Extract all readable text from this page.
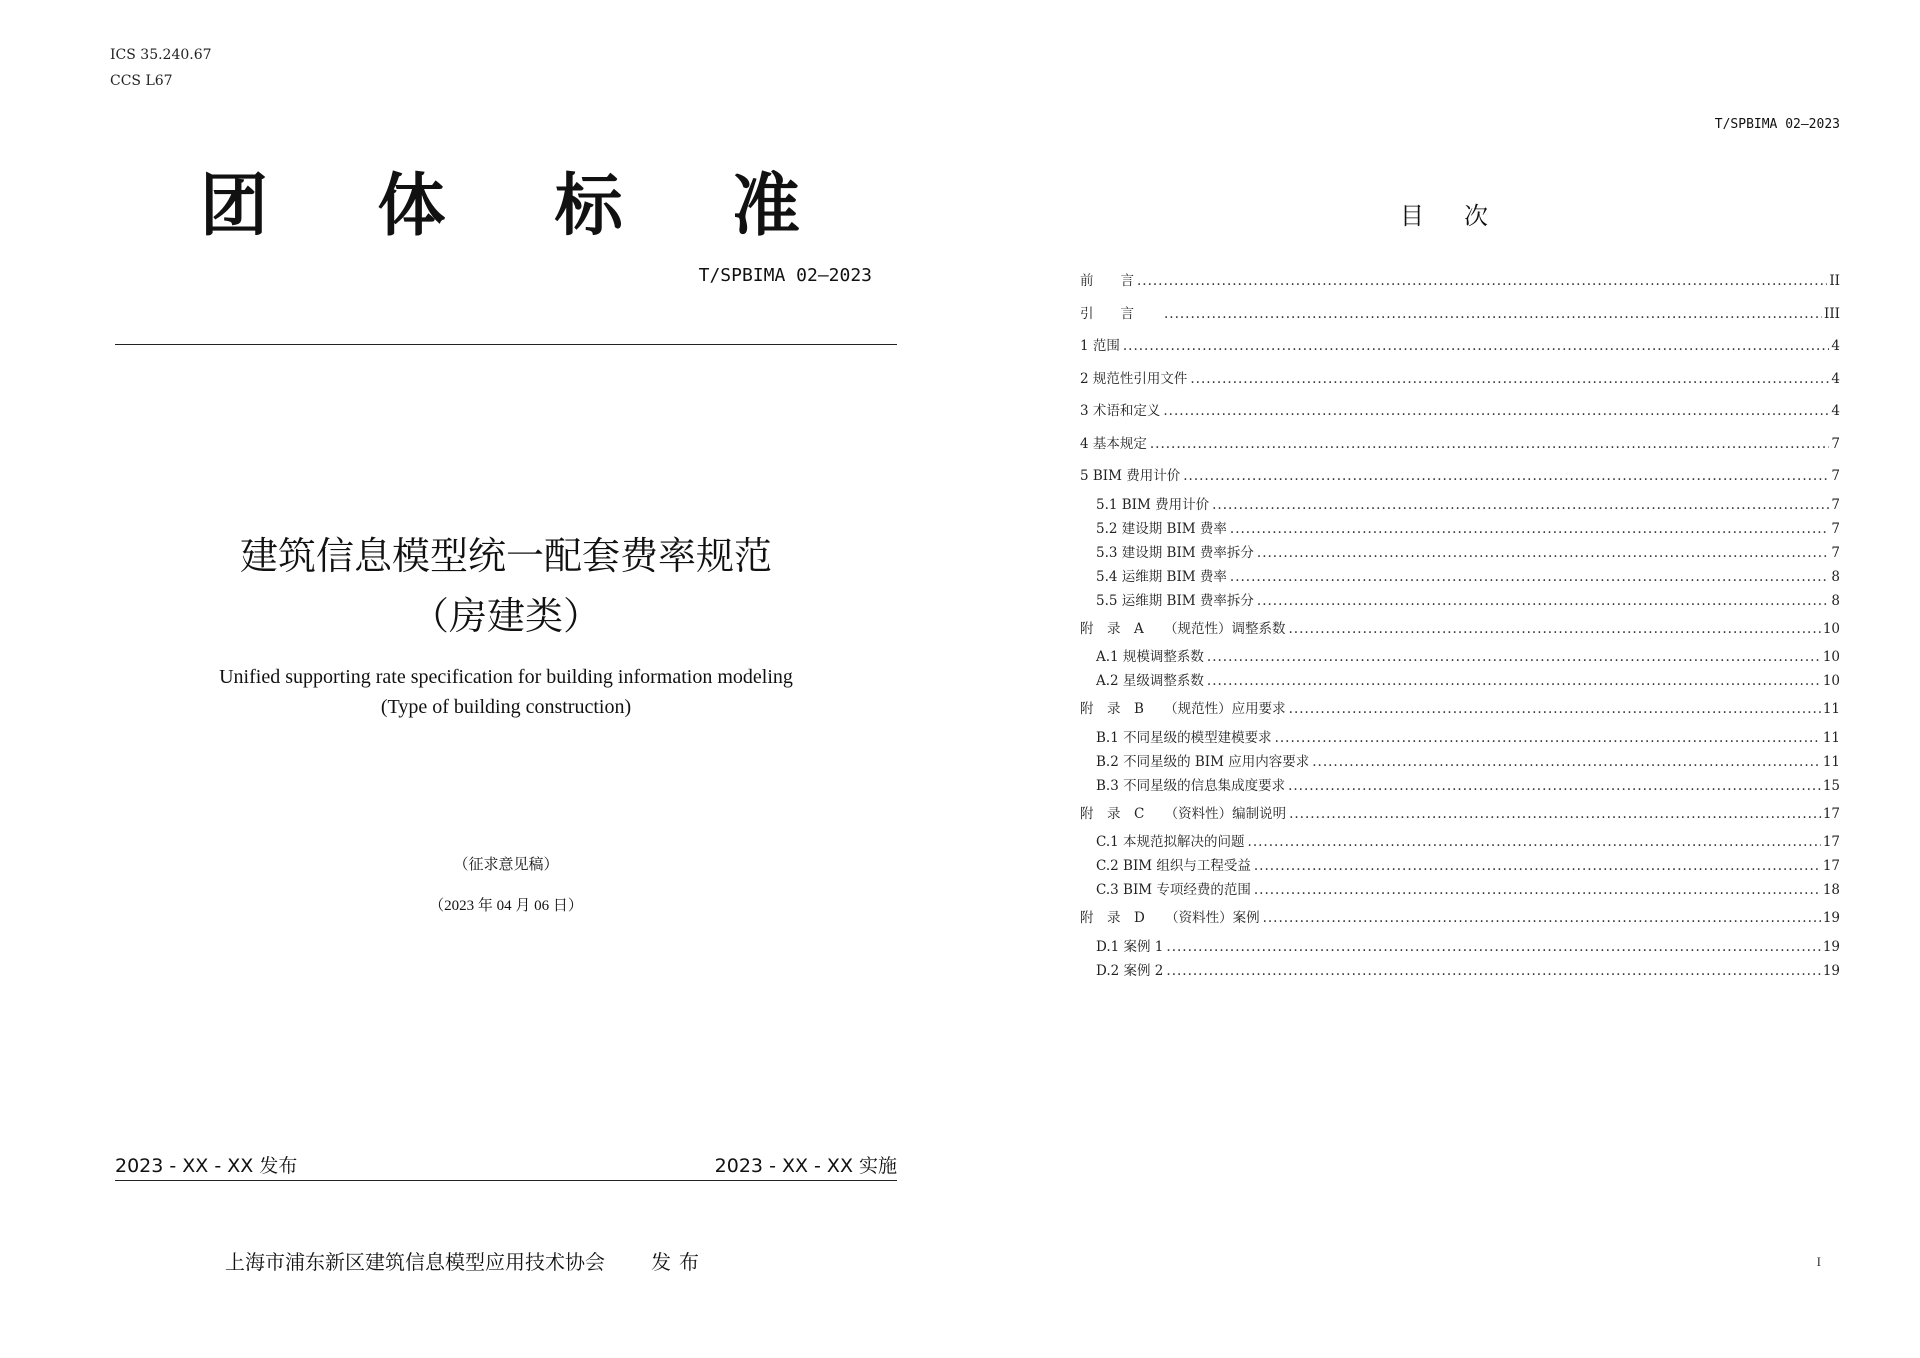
ICS 35.240.67
CCS L67
团 体 标 准
T/SPBIMA 02—2023
建筑信息模型统一配套费率规范
（房建类）
Unified supporting rate specification for building information modeling
(Type of building construction)
（征求意见稿）
（2023 年 04 月 06 日）
2023 - XX - XX 发布	2023 - XX - XX 实施
上海市浦东新区建筑信息模型应用技术协会 发布
T/SPBIMA 02—2023
目次
前　　言 .....	II
引　　言　　 .....	III
1 范围 .....	4
2 规范性引用文件 .....	4
3 术语和定义 .....	4
4 基本规定 .....	7
5 BIM 费用计价 .....	7
5.1 BIM 费用计价 .....	7
5.2 建设期 BIM 费率 .....	7
5.3 建设期 BIM 费率拆分 .....	7
5.4 运维期 BIM 费率 .....	8
5.5 运维期 BIM 费率拆分 .....	8
附　录　A　　（规范性）调整系数 .....	10
A.1 规模调整系数 .....	10
A.2 星级调整系数 .....	10
附　录　B　　（规范性）应用要求 .....	11
B.1 不同星级的模型建模要求 .....	11
B.2 不同星级的 BIM 应用内容要求 .....	11
B.3 不同星级的信息集成度要求 .....	15
附　录　C　　（资料性）编制说明 .....	17
C.1 本规范拟解决的问题 .....	17
C.2 BIM 组织与工程受益 .....	17
C.3 BIM 专项经费的范围 .....	18
附　录　D　　（资料性）案例 .....	19
D.1 案例 1 .....	19
D.2 案例 2 .....	19
I
